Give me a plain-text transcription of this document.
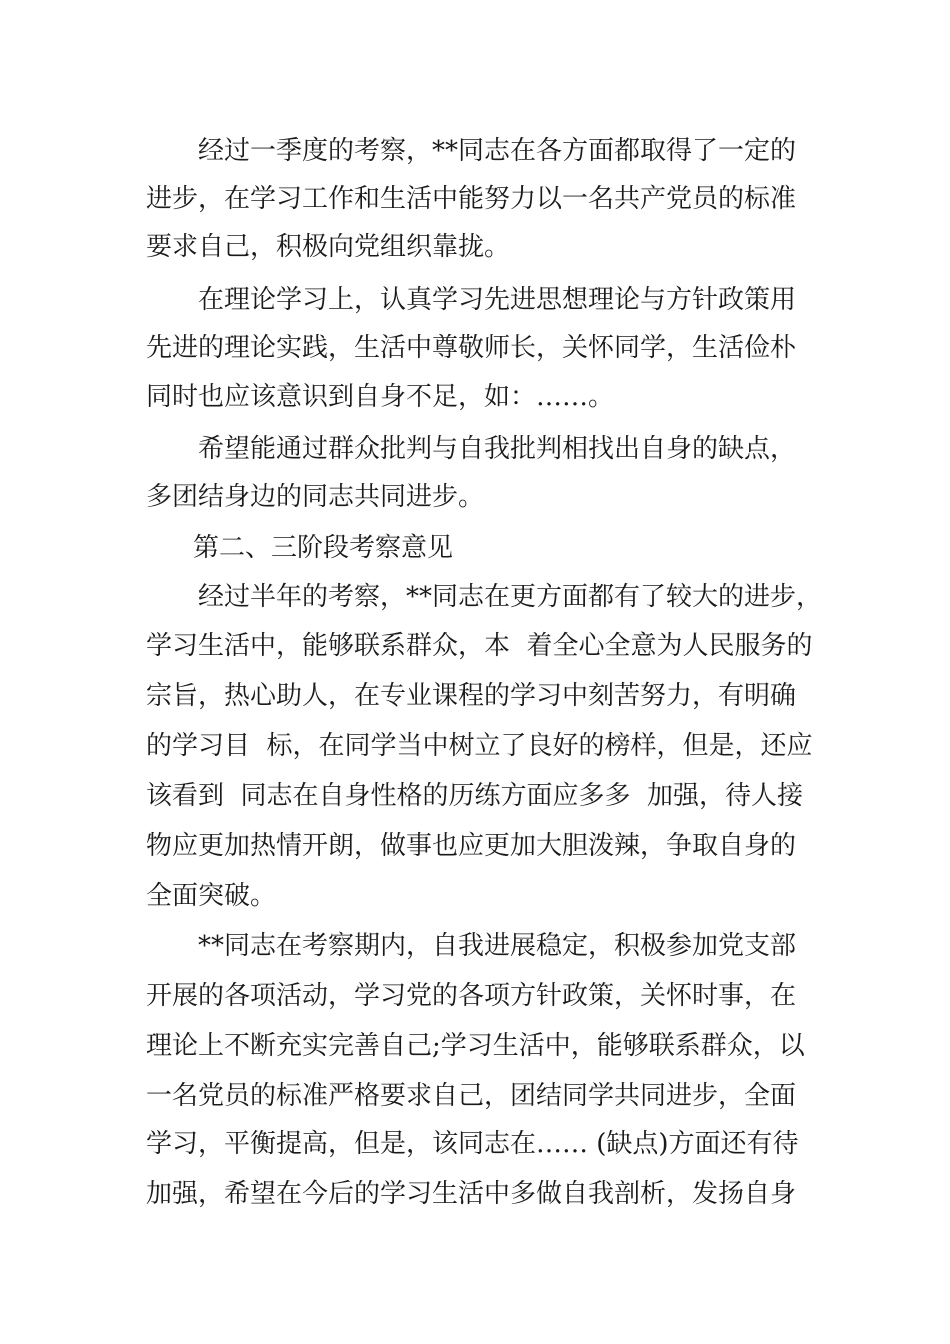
经过一季度的考察，**同志在各方面都取得了一定的
进步，在学习工作和生活中能努力以一名共产党员的标准
要求自己，积极向党组织靠拢。
在理论学习上，认真学习先进思想理论与方针政策用
先进的理论实践，生活中尊敬师长，关怀同学，生活俭朴
同时也应该意识到自身不足，如：……。
希望能通过群众批判与自我批判相找出自身的缺点，
多团结身边的同志共同进步。
第二、三阶段考察意见
经过半年的考察，**同志在更方面都有了较大的进步，
学习生活中，能够联系群众，本  着全心全意为人民服务的
宗旨，热心助人，在专业课程的学习中刻苦努力，有明确
的学习目  标，在同学当中树立了良好的榜样，但是，还应
该看到  同志在自身性格的历练方面应多多  加强，待人接
物应更加热情开朗，做事也应更加大胆泼辣，争取自身的
全面突破。
**同志在考察期内，自我进展稳定，积极参加党支部
开展的各项活动，学习党的各项方针政策，关怀时事，在
理论上不断充实完善自己;学习生活中，能够联系群众，以
一名党员的标准严格要求自己，团结同学共同进步，全面
学习，平衡提高，但是，该同志在…… (缺点)方面还有待
加强，希望在今后的学习生活中多做自我剖析，发扬自身
